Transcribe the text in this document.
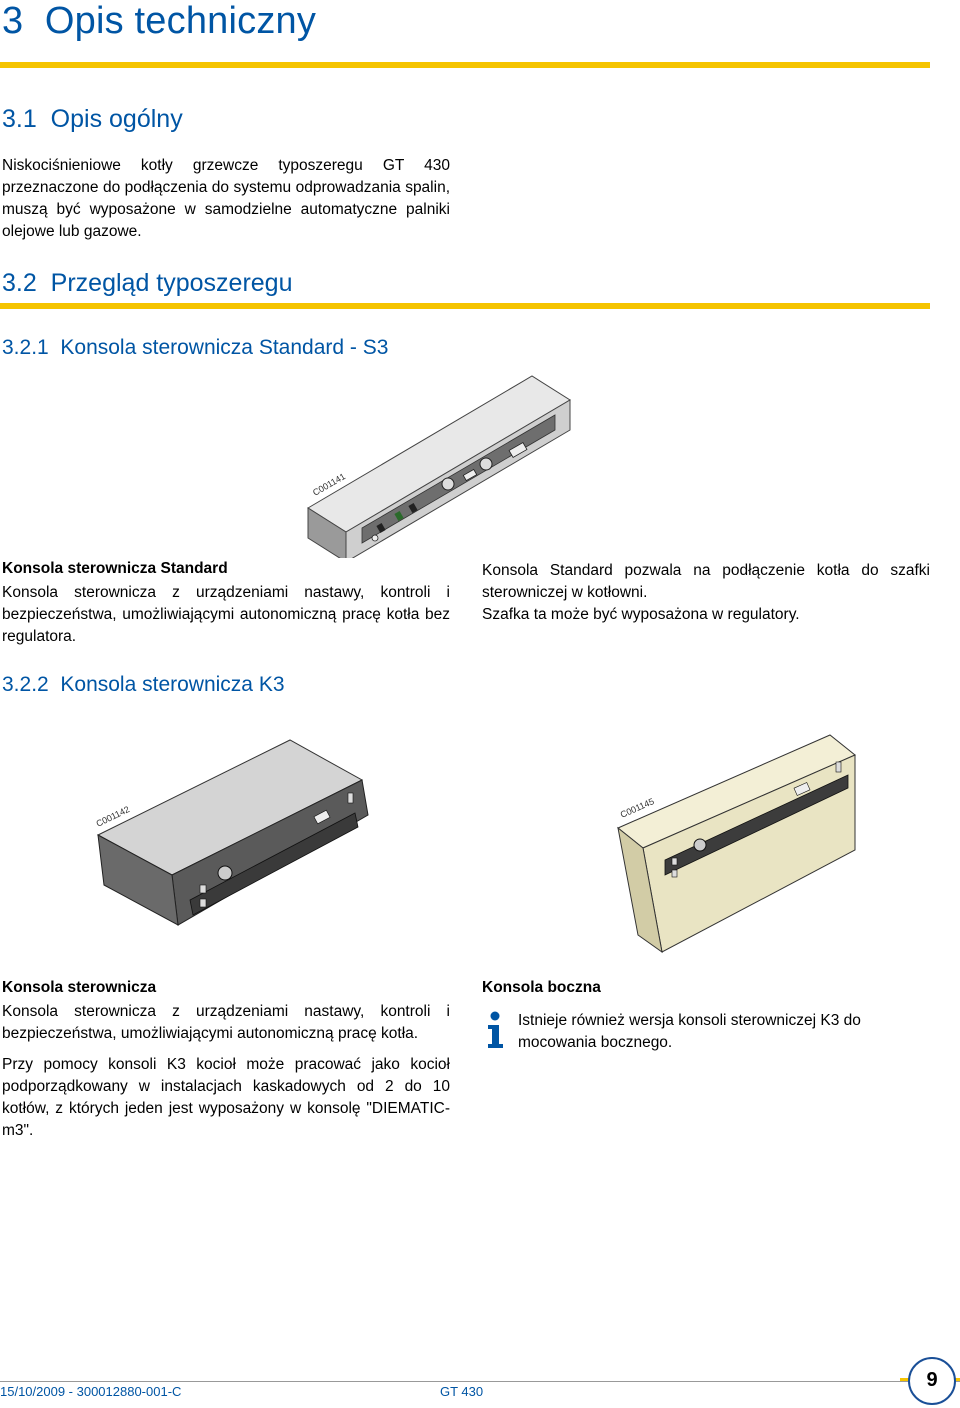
3 Opis techniczny
3.1 Opis ogólny

Niskociśnieniowe kotły grzewcze typoszeregu GT 430 przeznaczone do podłączenia do systemu odprowadzania spalin, muszą być wyposażone w samodzielne automatyczne palniki olejowe lub gazowe.

3.2 Przegląd typoszeregu
3.2.1 Konsola sterownicza Standard - S3
C001141
Konsola sterownicza Standard

Konsola sterownicza z urządzeniami nastawy, kontroli i bezpieczeństwa, umożliwiającymi autonomiczną pracę kotła bez regulatora.

Konsola Standard pozwala na podłączenie kotła do szafki sterowniczej w kotłowni.

Szafka ta może być wyposażona w regulatory.

3.2.2 Konsola sterownicza K3
C001142	C001145
Konsola sterownicza

Konsola sterownicza z urządzeniami nastawy, kontroli i bezpieczeństwa, umożliwiającymi autonomiczną pracę kotła.

Przy pomocy konsoli K3 kocioł może pracować jako kocioł podporządkowany w instalacjach kaskadowych od 2 do 10 kotłów, z których jeden jest wyposażony w konsolę "DIEMATIC-m3".

Konsola boczna

Istnieje również wersja konsoli sterowniczej K3 do mocowania bocznego.

15/10/2009 - 300012880-001-C	GT 430
9
